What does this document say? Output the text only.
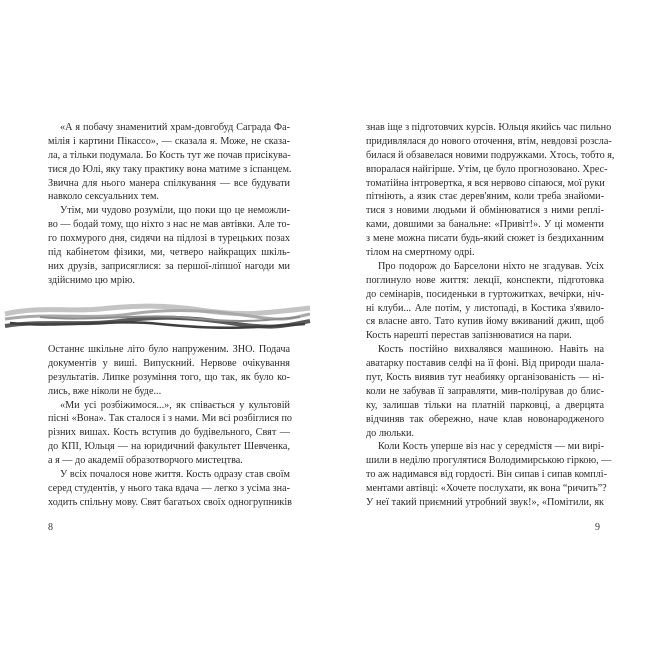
«А я побачу знаменитий храм-довгобуд Саграда Фа-
мілія і картини Пікассо», — сказала я. Може, не сказа-
ла, а тільки подумала. Бо Кость тут же почав присікува-
тися до Юлі, яку таку практику вона матиме з іспанцем.
Звична для нього манера спілкування — все будувати
навколо сексуальних тем.
Утім, ми чудово розуміли, що поки що це неможли-
во — бодай тому, що ніхто з нас не мав автівки. Але то-
го похмурого дня, сидячи на підлозі в турецьких позах
під кабінетом фізики, ми, четверо найкращих шкіль-
них друзів, заприсяглися: за першої-ліпшої нагоди ми
здійснимо цю мрію.
Останнє шкільне літо було напруженим. ЗНО. Подача
документів у виші. Випускний. Нервове очікування
результатів. Липке розуміння того, що так, як було ко-
лись, вже ніколи не буде...
«Ми усі розбіжимося...», як співається у культовій
пісні «Вона». Так сталося і з нами. Ми всі розбіглися по
різних вишах. Кость вступив до будівельного, Свят —
до КПІ, Юльця — на юридичний факультет Шевченка,
а я — до академії образотворчого мистецтва.
У всіх почалося нове життя. Кость одразу став своїм
серед студентів, у нього така вдача — легко з усіма зна-
ходить спільну мову. Свят багатьох своїх одногрупників
8
знав іще з підготовчих курсів. Юльця якийсь час пильно
придивлялася до нового оточення, втім, невдовзі розсла-
билася й обзавелася новими подружками. Хтось, тобто я,
впоралася найгірше. Утім, це було прогнозовано. Хрес-
томатійна інтровертка, я вся нервово сіпаюся, мої руки
пітніють, а язик стає дерев'яним, коли треба знайоми-
тися з новими людьми й обмінюватися з ними реплі-
ками, довшими за банальне: «Привіт!». У ці моменти
з мене можна писати будь-який сюжет із бездиханним
тілом на смертному одрі.
Про подорож до Барселони ніхто не згадував. Усіх
поглинуло нове життя: лекції, конспекти, підготовка
до семінарів, посиденьки в гуртожитках, вечірки, ніч-
ні клуби... Але потім, у листопаді, в Костика з'явило-
ся власне авто. Тато купив йому вживаний джип, щоб
Кость нарешті перестав запізнюватися на пари.
Кость постійно вихвалявся машиною. Навіть на
аватарку поставив селфі на її фоні. Від природи шала-
пут, Кость виявив тут неабияку організованість — ні-
коли не забував її заправляти, мив-полірував до блис-
ку, залишав тільки на платній парковці, а дверцята
відчиняв так обережно, наче клав новонародженого
до люльки.
Коли Кость уперше віз нас у середмістя — ми вирі-
шили в неділю прогулятися Володимирською гіркою, —
то аж надимався від гордості. Він сипав і сипав комплі-
ментами автівці: «Хочете послухати, як вона “ричить”?
У неї такий приємний утробний звук!», «Помітили, як
9
